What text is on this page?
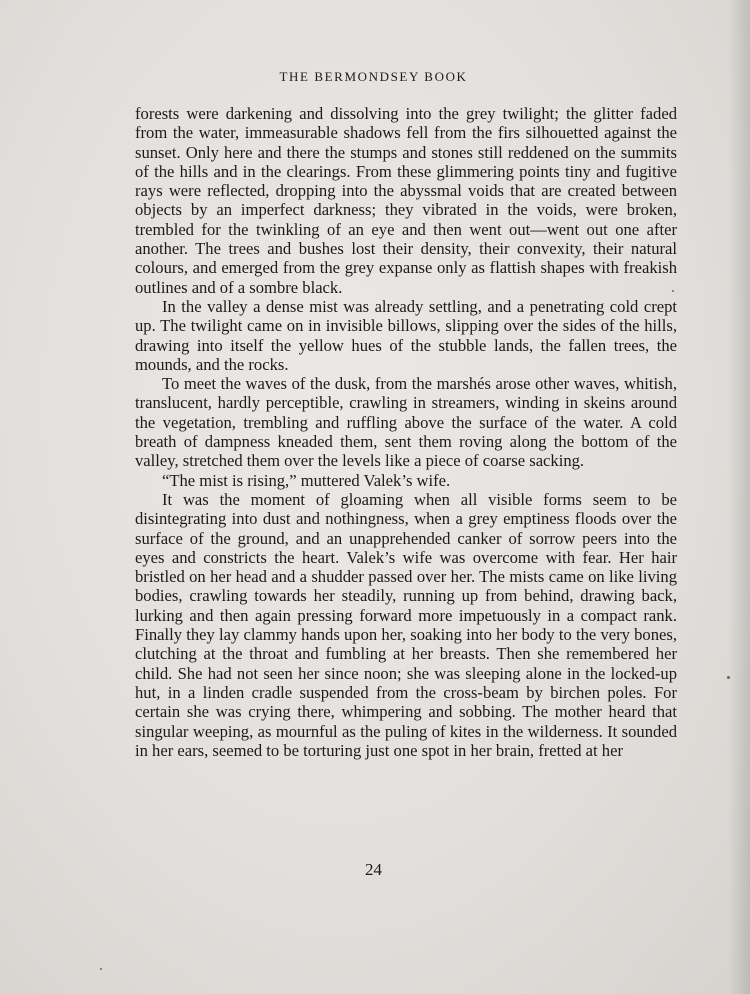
THE BERMONDSEY BOOK

forests were darkening and dissolving into the grey twilight; the glitter faded from the water, immeasurable shadows fell from the firs silhouetted against the sunset. Only here and there the stumps and stones still reddened on the summits of the hills and in the clearings. From these glimmering points tiny and fugitive rays were reflected, dropping into the abyssmal voids that are created between objects by an imperfect darkness; they vibrated in the voids, were broken, trembled for the twinkling of an eye and then went out—went out one after another. The trees and bushes lost their density, their convexity, their natural colours, and emerged from the grey expanse only as flattish shapes with freakish outlines and of a sombre black.

In the valley a dense mist was already settling, and a penetrating cold crept up. The twilight came on in invisible billows, slipping over the sides of the hills, drawing into itself the yellow hues of the stubble lands, the fallen trees, the mounds, and the rocks.

To meet the waves of the dusk, from the marshés arose other waves, whitish, translucent, hardly perceptible, crawling in streamers, winding in skeins around the vegetation, trembling and ruffling above the surface of the water. A cold breath of dampness kneaded them, sent them roving along the bottom of the valley, stretched them over the levels like a piece of coarse sacking.

“The mist is rising,” muttered Valek’s wife.

It was the moment of gloaming when all visible forms seem to be disintegrating into dust and nothingness, when a grey emptiness floods over the surface of the ground, and an unapprehended canker of sorrow peers into the eyes and constricts the heart. Valek’s wife was overcome with fear. Her hair bristled on her head and a shudder passed over her. The mists came on like living bodies, crawling towards her steadily, running up from behind, drawing back, lurking and then again pressing forward more impetuously in a compact rank. Finally they lay clammy hands upon her, soaking into her body to the very bones, clutching at the throat and fumbling at her breasts. Then she remembered her child. She had not seen her since noon; she was sleeping alone in the locked-up hut, in a linden cradle suspended from the cross-beam by birchen poles. For certain she was crying there, whimpering and sobbing. The mother heard that singular weeping, as mournful as the puling of kites in the wilderness. It sounded in her ears, seemed to be torturing just one spot in her brain, fretted at her

24
